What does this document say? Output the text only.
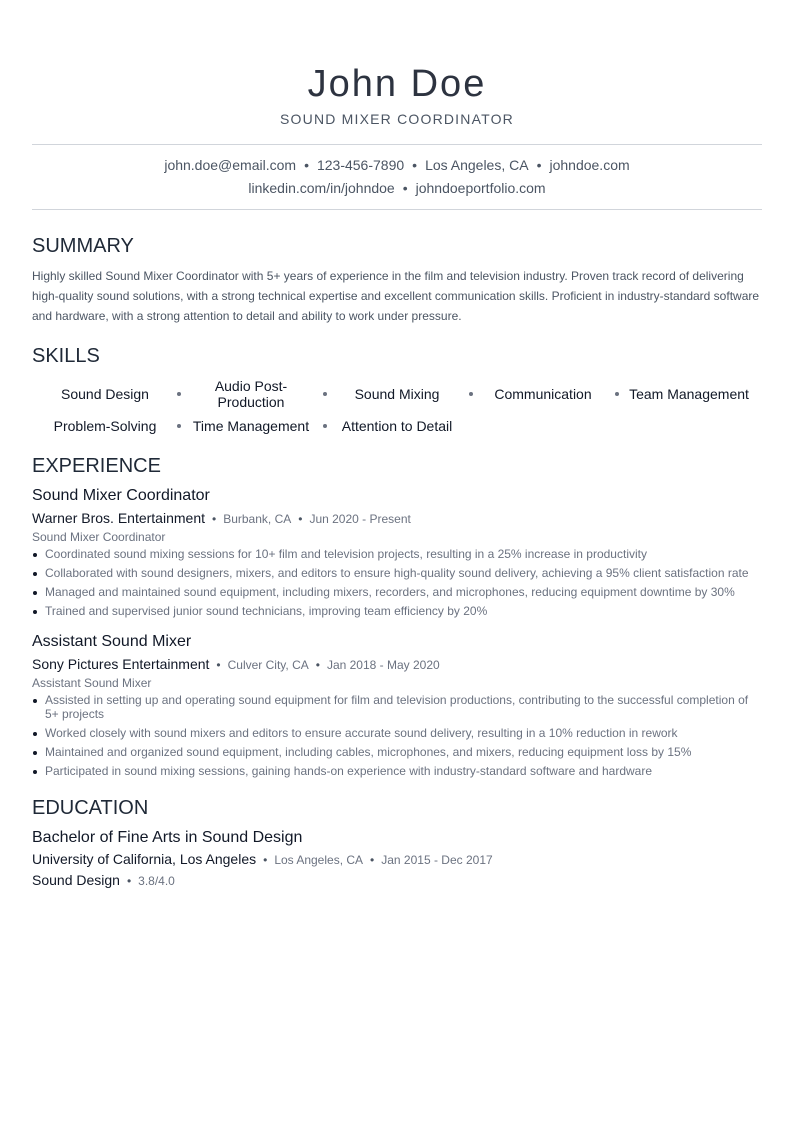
John Doe
SOUND MIXER COORDINATOR
john.doe@email.com • 123-456-7890 • Los Angeles, CA • johndoe.com
linkedin.com/in/johndoe • johndoeportfolio.com
SUMMARY
Highly skilled Sound Mixer Coordinator with 5+ years of experience in the film and television industry. Proven track record of delivering high-quality sound solutions, with a strong technical expertise and excellent communication skills. Proficient in industry-standard software and hardware, with a strong attention to detail and ability to work under pressure.
SKILLS
Sound Design	Audio Post-Production	Sound Mixing	Communication	Team Management
Problem-Solving	Time Management Attention to Detail
EXPERIENCE
Sound Mixer Coordinator
Warner Bros. Entertainment • Burbank, CA • Jun 2020 - Present
Sound Mixer Coordinator
Coordinated sound mixing sessions for 10+ film and television projects, resulting in a 25% increase in productivity
Collaborated with sound designers, mixers, and editors to ensure high-quality sound delivery, achieving a 95% client satisfaction rate
Managed and maintained sound equipment, including mixers, recorders, and microphones, reducing equipment downtime by 30%
Trained and supervised junior sound technicians, improving team efficiency by 20%
Assistant Sound Mixer
Sony Pictures Entertainment • Culver City, CA • Jan 2018 - May 2020
Assistant Sound Mixer
Assisted in setting up and operating sound equipment for film and television productions, contributing to the successful completion of 5+ projects
Worked closely with sound mixers and editors to ensure accurate sound delivery, resulting in a 10% reduction in rework
Maintained and organized sound equipment, including cables, microphones, and mixers, reducing equipment loss by 15%
Participated in sound mixing sessions, gaining hands-on experience with industry-standard software and hardware
EDUCATION
Bachelor of Fine Arts in Sound Design
University of California, Los Angeles • Los Angeles, CA • Jan 2015 - Dec 2017
Sound Design • 3.8/4.0
